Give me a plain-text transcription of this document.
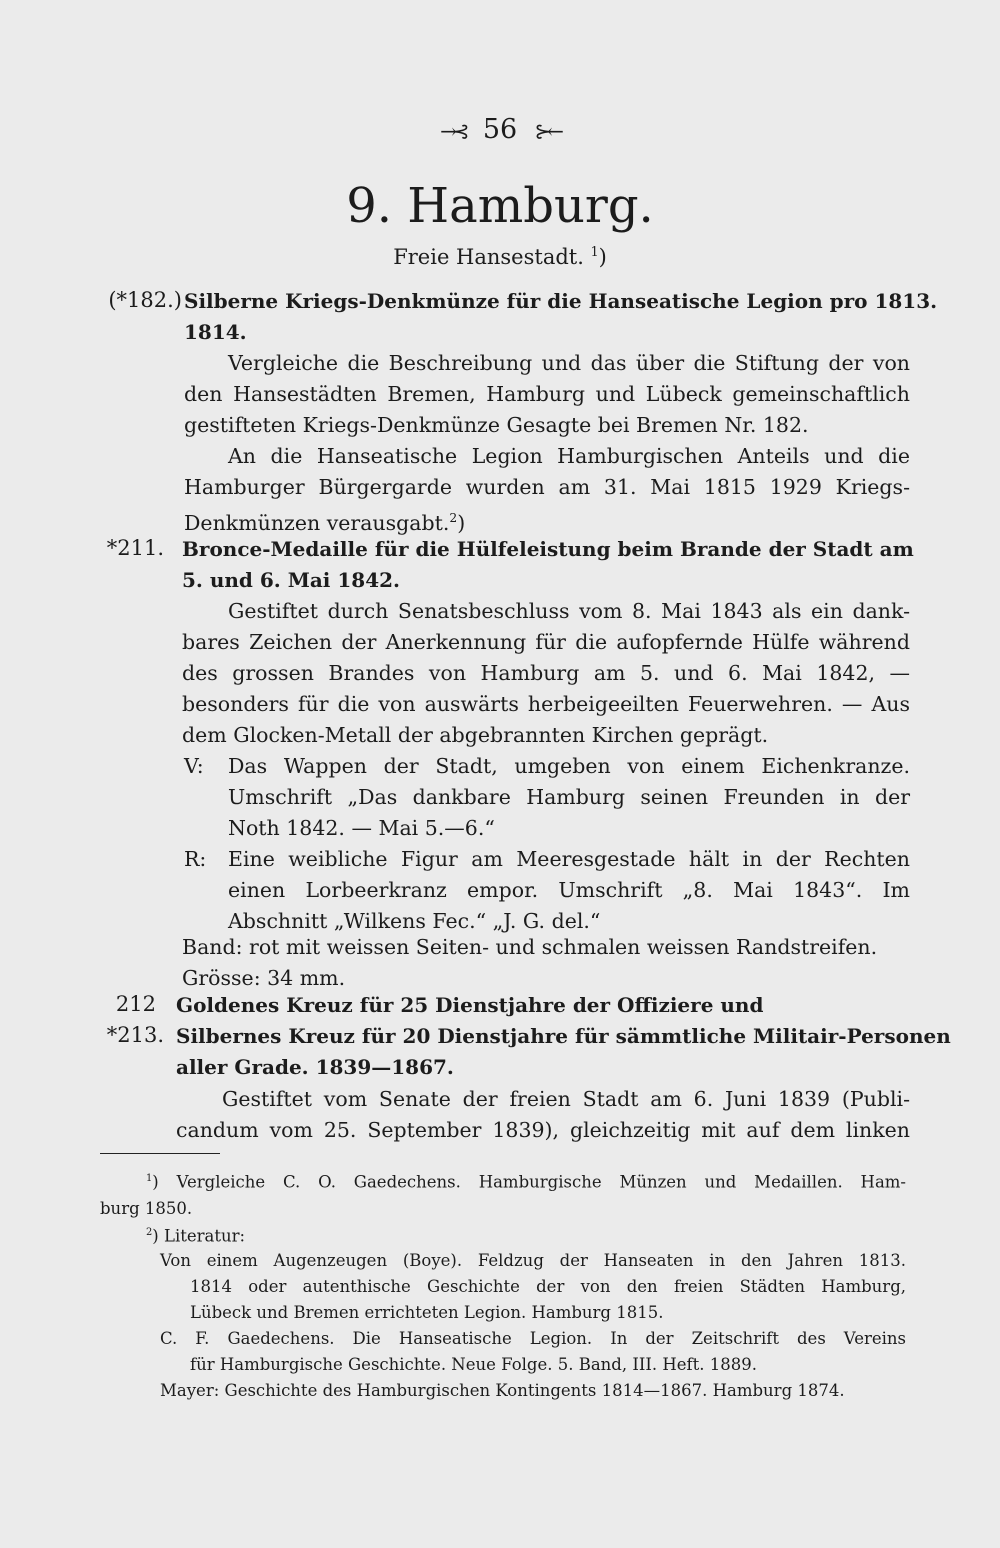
→⊰ 56 ⊱←
9. Hamburg.
Freie Hansestadt. $^1$)
(*182.) Silberne Kriegs-Denkmünze für die Hanseatische Legion pro 1813.
1814.
Vergleiche die Beschreibung und das über die Stiftung der von
den Hansestädten Bremen, Hamburg und Lübeck gemeinschaftlich
gestifteten Kriegs-Denkmünze Gesagte bei Bremen Nr. 182.
An die Hanseatische Legion Hamburgischen Anteils und die
Hamburger Bürgergarde wurden am 31. Mai 1815 1929 Kriegs-
Denkmünzen verausgabt.$^2$)
*211. Bronce-Medaille für die Hülfeleistung beim Brande der Stadt am
5. und 6. Mai 1842.
Gestiftet durch Senatsbeschluss vom 8. Mai 1843 als ein dank-
bares Zeichen der Anerkennung für die aufopfernde Hülfe während
des grossen Brandes von Hamburg am 5. und 6. Mai 1842, —
besonders für die von auswärts herbeigeeilten Feuerwehren. — Aus
dem Glocken-Metall der abgebrannten Kirchen geprägt.
V: Das Wappen der Stadt, umgeben von einem Eichenkranze.
Umschrift „Das dankbare Hamburg seinen Freunden in der
Noth 1842. — Mai 5.—6.“
R: Eine weibliche Figur am Meeresgestade hält in der Rechten
einen Lorbeerkranz empor. Umschrift „8. Mai 1843“. Im
Abschnitt „Wilkens Fec.“ „J. G. del.“
Band: rot mit weissen Seiten- und schmalen weissen Randstreifen.
Grösse: 34 mm.
212 Goldenes Kreuz für 25 Dienstjahre der Offiziere und
*213. Silbernes Kreuz für 20 Dienstjahre für sämmtliche Militair-Personen
aller Grade. 1839—1867.
Gestiftet vom Senate der freien Stadt am 6. Juni 1839 (Publi-
candum vom 25. September 1839), gleichzeitig mit auf dem linken
$^1$) Vergleiche C. O. Gaedechens. Hamburgische Münzen und Medaillen. Ham-
burg 1850.
$^2$) Literatur:
Von einem Augenzeugen (Boye). Feldzug der Hanseaten in den Jahren 1813.
1814 oder autenthische Geschichte der von den freien Städten Hamburg,
Lübeck und Bremen errichteten Legion. Hamburg 1815.
C. F. Gaedechens. Die Hanseatische Legion. In der Zeitschrift des Vereins
für Hamburgische Geschichte. Neue Folge. 5. Band, III. Heft. 1889.
Mayer: Geschichte des Hamburgischen Kontingents 1814—1867. Hamburg 1874.
